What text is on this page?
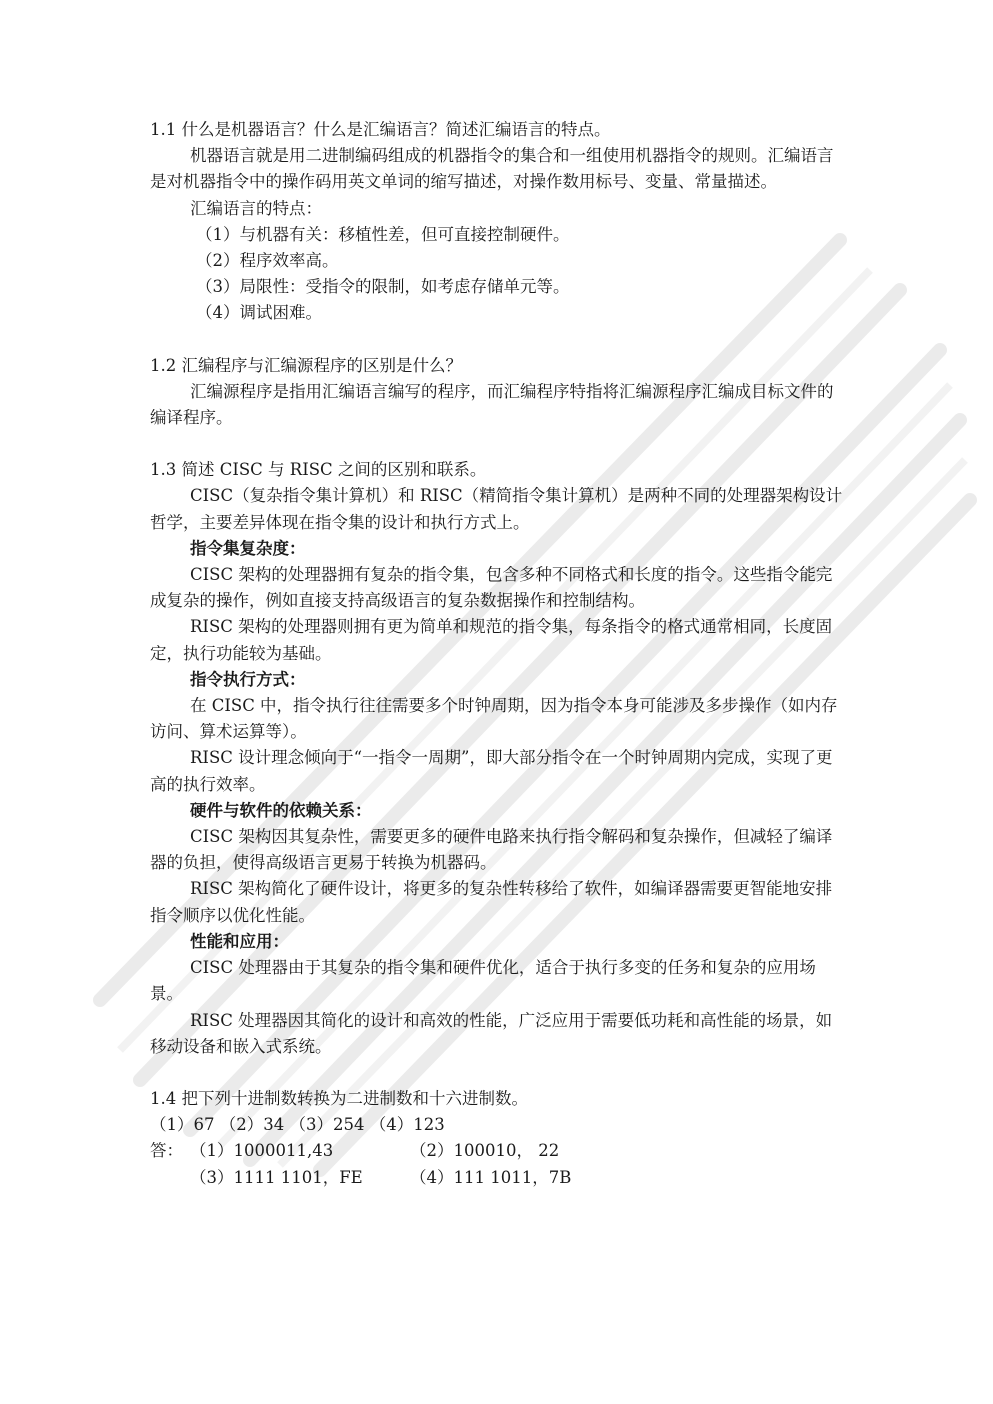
1.1 什么是机器语言？什么是汇编语言？简述汇编语言的特点。

机器语言就是用二进制编码组成的机器指令的集合和一组使用机器指令的规则。汇编语言是对机器指令中的操作码用英文单词的缩写描述，对操作数用标号、变量、常量描述。

汇编语言的特点：

（1）与机器有关：移植性差，但可直接控制硬件。

（2）程序效率高。

（3）局限性：受指令的限制，如考虑存储单元等。

（4）调试困难。

1.2 汇编程序与汇编源程序的区别是什么？

汇编源程序是指用汇编语言编写的程序，而汇编程序特指将汇编源程序汇编成目标文件的编译程序。

1.3 简述 CISC 与 RISC 之间的区别和联系。

CISC（复杂指令集计算机）和 RISC（精简指令集计算机）是两种不同的处理器架构设计哲学，主要差异体现在指令集的设计和执行方式上。

指令集复杂度：

CISC 架构的处理器拥有复杂的指令集，包含多种不同格式和长度的指令。这些指令能完成复杂的操作，例如直接支持高级语言的复杂数据操作和控制结构。

RISC 架构的处理器则拥有更为简单和规范的指令集，每条指令的格式通常相同，长度固定，执行功能较为基础。

指令执行方式：

在 CISC 中，指令执行往往需要多个时钟周期，因为指令本身可能涉及多步操作（如内存访问、算术运算等）。

RISC 设计理念倾向于“一指令一周期”，即大部分指令在一个时钟周期内完成，实现了更高的执行效率。

硬件与软件的依赖关系：

CISC 架构因其复杂性，需要更多的硬件电路来执行指令解码和复杂操作，但减轻了编译器的负担，使得高级语言更易于转换为机器码。

RISC 架构简化了硬件设计，将更多的复杂性转移给了软件，如编译器需要更智能地安排指令顺序以优化性能。

性能和应用：

CISC 处理器由于其复杂的指令集和硬件优化，适合于执行多变的任务和复杂的应用场景。

RISC 处理器因其简化的设计和高效的性能，广泛应用于需要低功耗和高性能的场景，如移动设备和嵌入式系统。

1.4 把下列十进制数转换为二进制数和十六进制数。

（1）67 （2）34 （3）254 （4）123

答： （1）1000011,43	（2）100010， 22
（3）1111 1101，FE	（4）111 1011，7B
